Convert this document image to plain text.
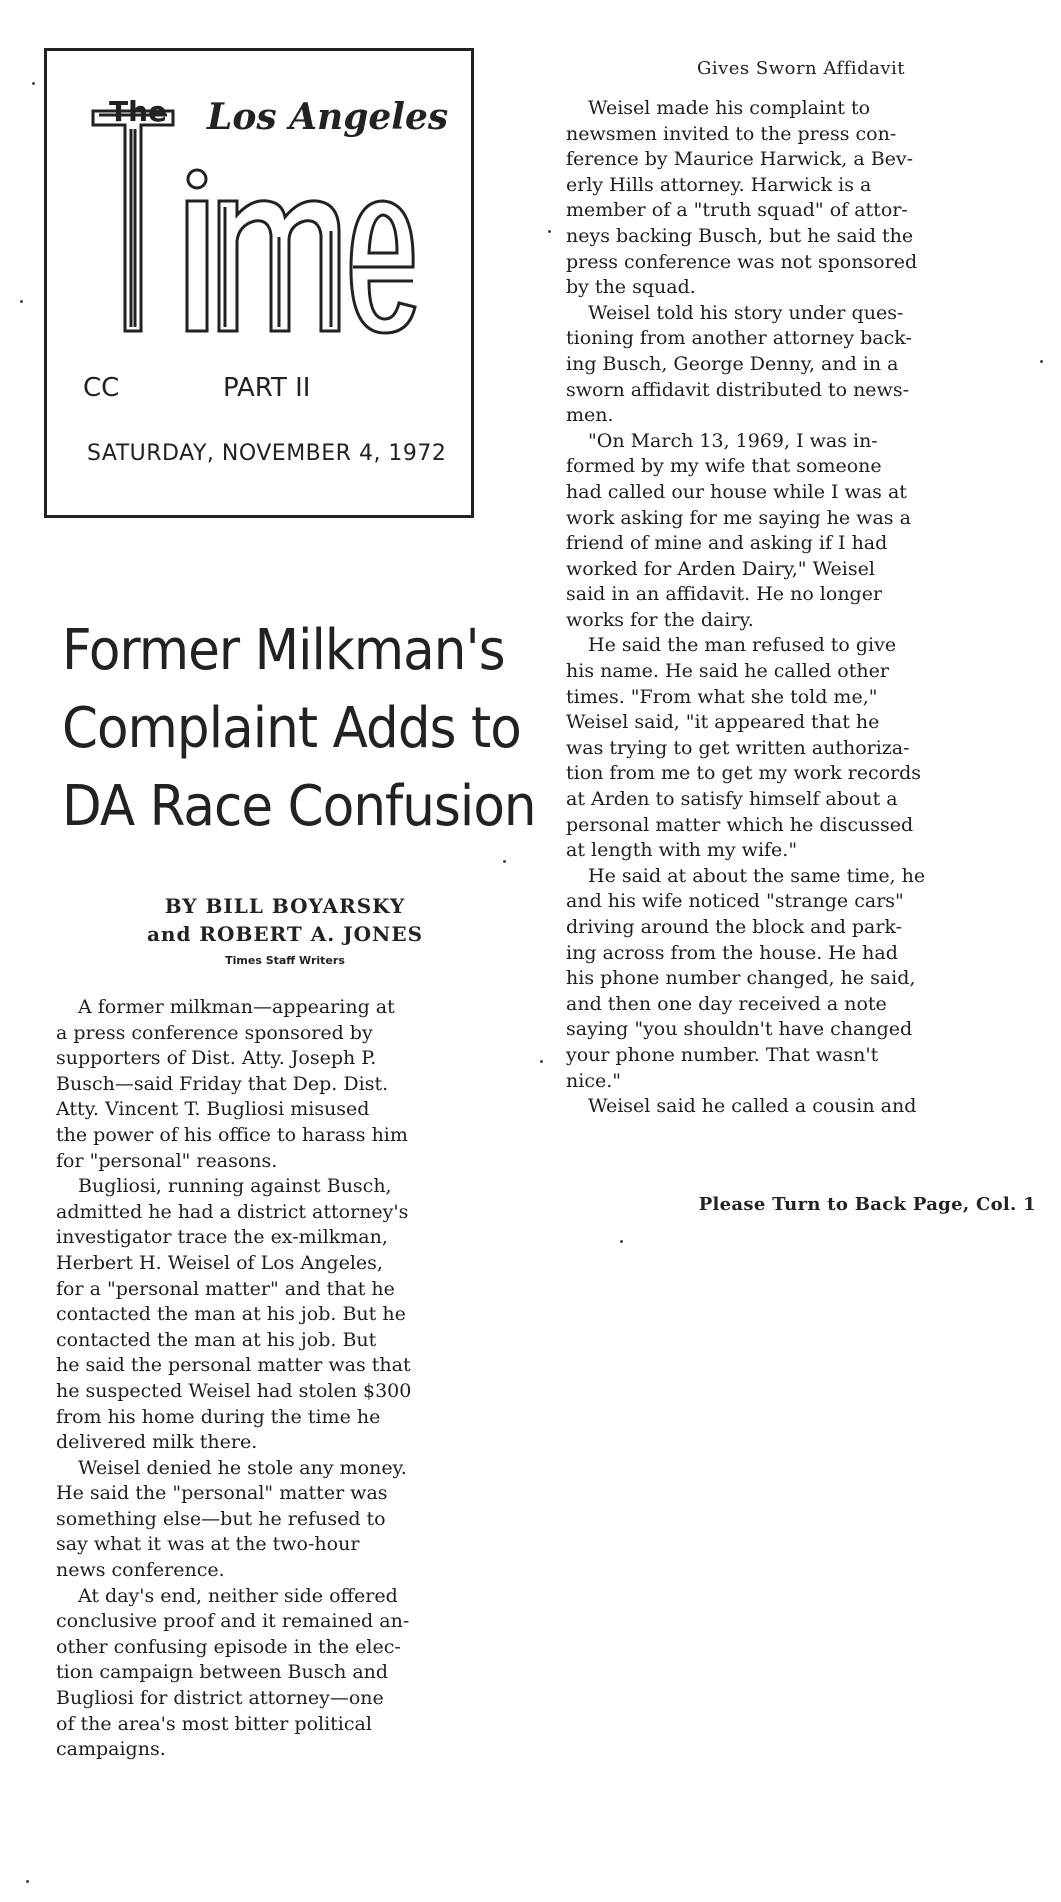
The Los Angeles
CC	PART II
SATURDAY, NOVEMBER 4, 1972
Times
Former Milkman's
Complaint Adds to
DA Race Confusion
BY BILL BOYARSKY
and ROBERT A. JONES
Times Staff Writers

A former milkman—appearing at
a press conference sponsored by
supporters of Dist. Atty. Joseph P.
Busch—said Friday that Dep. Dist.
Atty. Vincent T. Bugliosi misused
the power of his office to harass him
for "personal" reasons.

Bugliosi, running against Busch,
admitted he had a district attorney's
investigator trace the ex-milkman,
Herbert H. Weisel of Los Angeles,
for a "personal matter" and that he
contacted the man at his job. But he
contacted the man at his job. But
he said the personal matter was that
he suspected Weisel had stolen $300
from his home during the time he
delivered milk there.

Weisel denied he stole any money.
He said the "personal" matter was
something else—but he refused to
say what it was at the two-hour
news conference.

At day's end, neither side offered
conclusive proof and it remained an-
other confusing episode in the elec-
tion campaign between Busch and
Bugliosi for district attorney—one
of the area's most bitter political
campaigns.

Gives Sworn Affidavit

Weisel made his complaint to
newsmen invited to the press con-
ference by Maurice Harwick, a Bev-
erly Hills attorney. Harwick is a
member of a "truth squad" of attor-
neys backing Busch, but he said the
press conference was not sponsored
by the squad.

Weisel told his story under ques-
tioning from another attorney back-
ing Busch, George Denny, and in a
sworn affidavit distributed to news-
men.

"On March 13, 1969, I was in-
formed by my wife that someone
had called our house while I was at
work asking for me saying he was a
friend of mine and asking if I had
worked for Arden Dairy," Weisel
said in an affidavit. He no longer
works for the dairy.

He said the man refused to give
his name. He said he called other
times. "From what she told me,"
Weisel said, "it appeared that he
was trying to get written authoriza-
tion from me to get my work records
at Arden to satisfy himself about a
personal matter which he discussed
at length with my wife."

He said at about the same time, he
and his wife noticed "strange cars"
driving around the block and park-
ing across from the house. He had
his phone number changed, he said,
and then one day received a note
saying "you shouldn't have changed
your phone number. That wasn't
nice."

Weisel said he called a cousin and

Please Turn to Back Page, Col. 1
